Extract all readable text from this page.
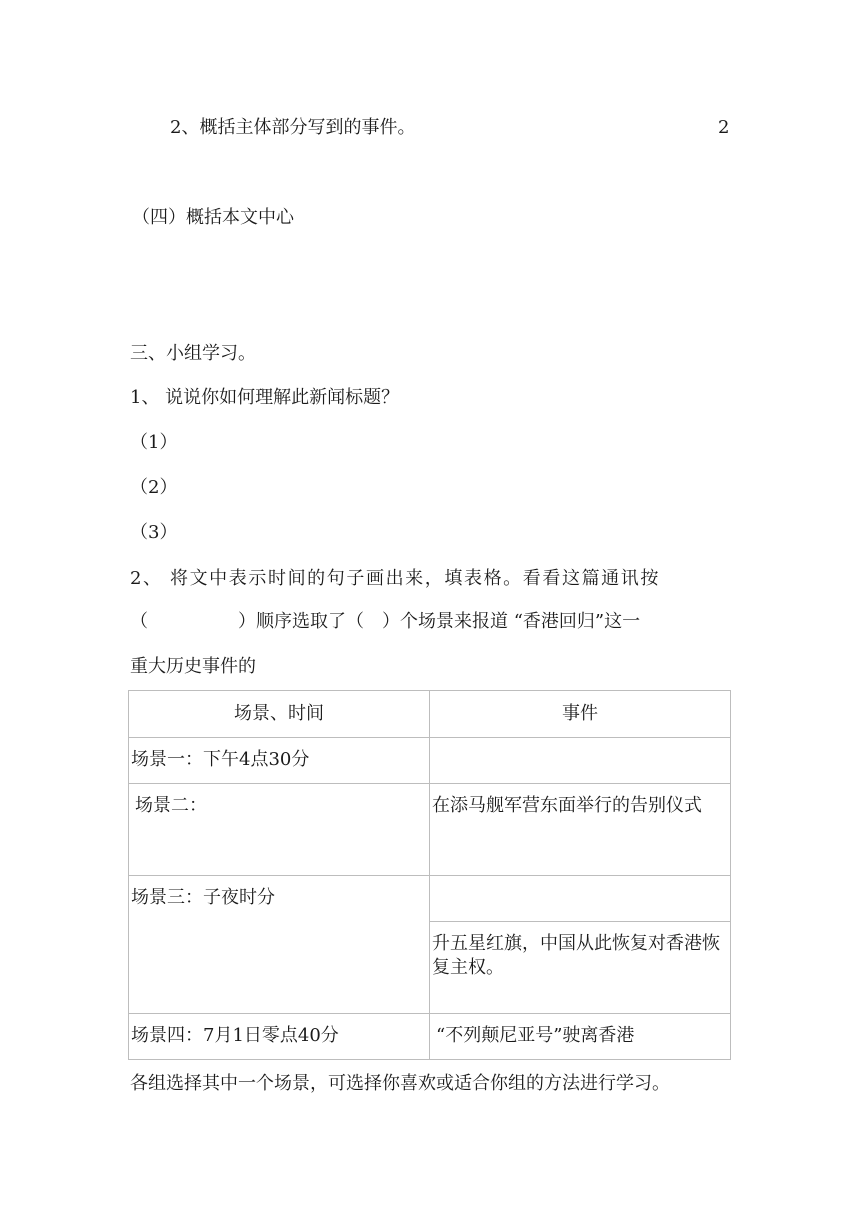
2、概括主体部分写到的事件。	2

（四）概括本文中心

三、小组学习。

1、 说说你如何理解此新闻标题？

（1）

（2）

（3）

2、 将文中表示时间的句子画出来，填表格。看看这篇通讯按

（　　　　　）顺序选取了（　）个场景来报道 “香港回归”这一

重大历史事件的

场景、时间	事件

场景一：下午4点30分	

场景二：	在添马舰军营东面举行的告别仪式

场景三：子夜时分	

	升五星红旗，中国从此恢复对香港恢复主权。

场景四：7月1日零点40分	“不列颠尼亚号”驶离香港

各组选择其中一个场景，可选择你喜欢或适合你组的方法进行学习。
